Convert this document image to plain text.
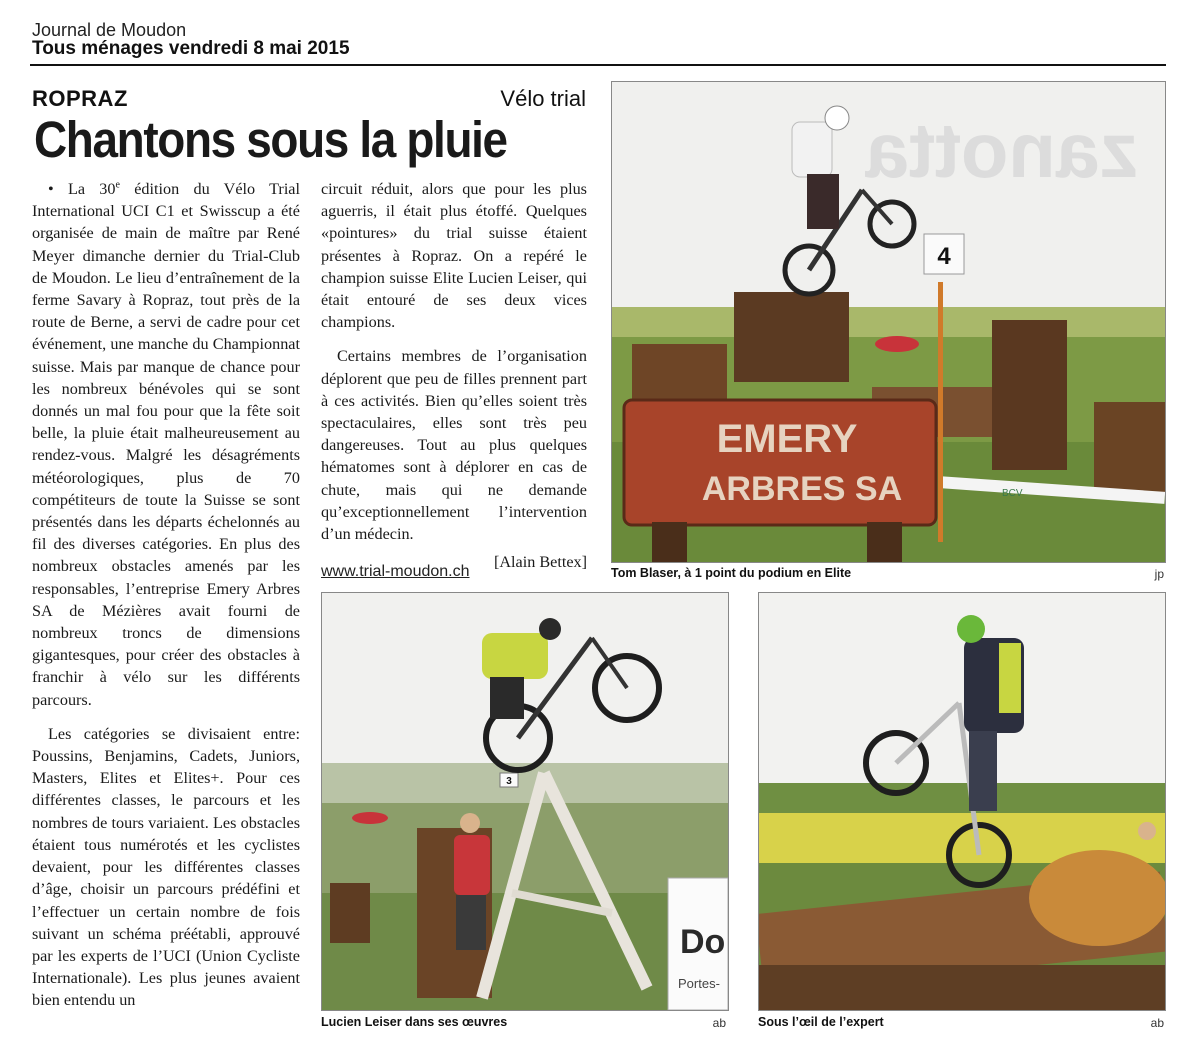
Journal de Moudon
Tous ménages vendredi 8 mai 2015
ROPRAZ	Vélo trial
Chantons sous la pluie

• La 30e édition du Vélo Trial International UCI C1 et Swisscup a été organisée de main de maître par René Meyer dimanche dernier du Trial-Club de Moudon. Le lieu d’entraînement de la ferme Savary à Ropraz, tout près de la route de Berne, a servi de cadre pour cet événement, une manche du Championnat suisse. Mais par manque de chance pour les nombreux bénévoles qui se sont donnés un mal fou pour que la fête soit belle, la pluie était malheureusement au rendez-vous. Malgré les désagréments météorologiques, plus de 70 compétiteurs de toute la Suisse se sont présentés dans les départs échelonnés au fil des diverses catégories. En plus des nombreux obstacles amenés par les responsables, l’entreprise Emery Arbres SA de Mézières avait fourni de nombreux troncs de dimensions gigantesques, pour créer des obstacles à franchir à vélo sur les différents parcours.

Les catégories se divisaient entre: Poussins, Benjamins, Cadets, Juniors, Masters, Elites et Elites+. Pour ces différentes classes, le parcours et les nombres de tours variaient. Les obstacles étaient tous numérotés et les cyclistes devaient, pour les différentes classes d’âge, choisir un parcours prédéfini et l’effectuer un certain nombre de fois suivant un schéma préétabli, approuvé par les experts de l’UCI (Union Cycliste Internationale). Les plus jeunes avaient bien entendu un

circuit réduit, alors que pour les plus aguerris, il était plus étoffé. Quelques «pointures» du trial suisse étaient présentes à Ropraz. On a repéré le champion suisse Elite Lucien Leiser, qui était entouré de ses deux vices champions.

Certains membres de l’organisation déplorent que peu de filles prennent part à ces activités. Bien qu’elles soient très spectaculaires, elles sont très peu dangereuses. Tout au plus quelques hématomes sont à déplorer en cas de chute, mais qui ne demande qu’exceptionnellement l’intervention d’un médecin.

[Alain Bettex]

www.trial-moudon.ch
zanotta
EMERY
ARBRES SA	BCV
4
Tom Blaser, à 1 point du podium en Elite	jp
3
Do
Portes-
Lucien Leiser dans ses œuvres	ab	Sous l’œil de l’expert	ab
